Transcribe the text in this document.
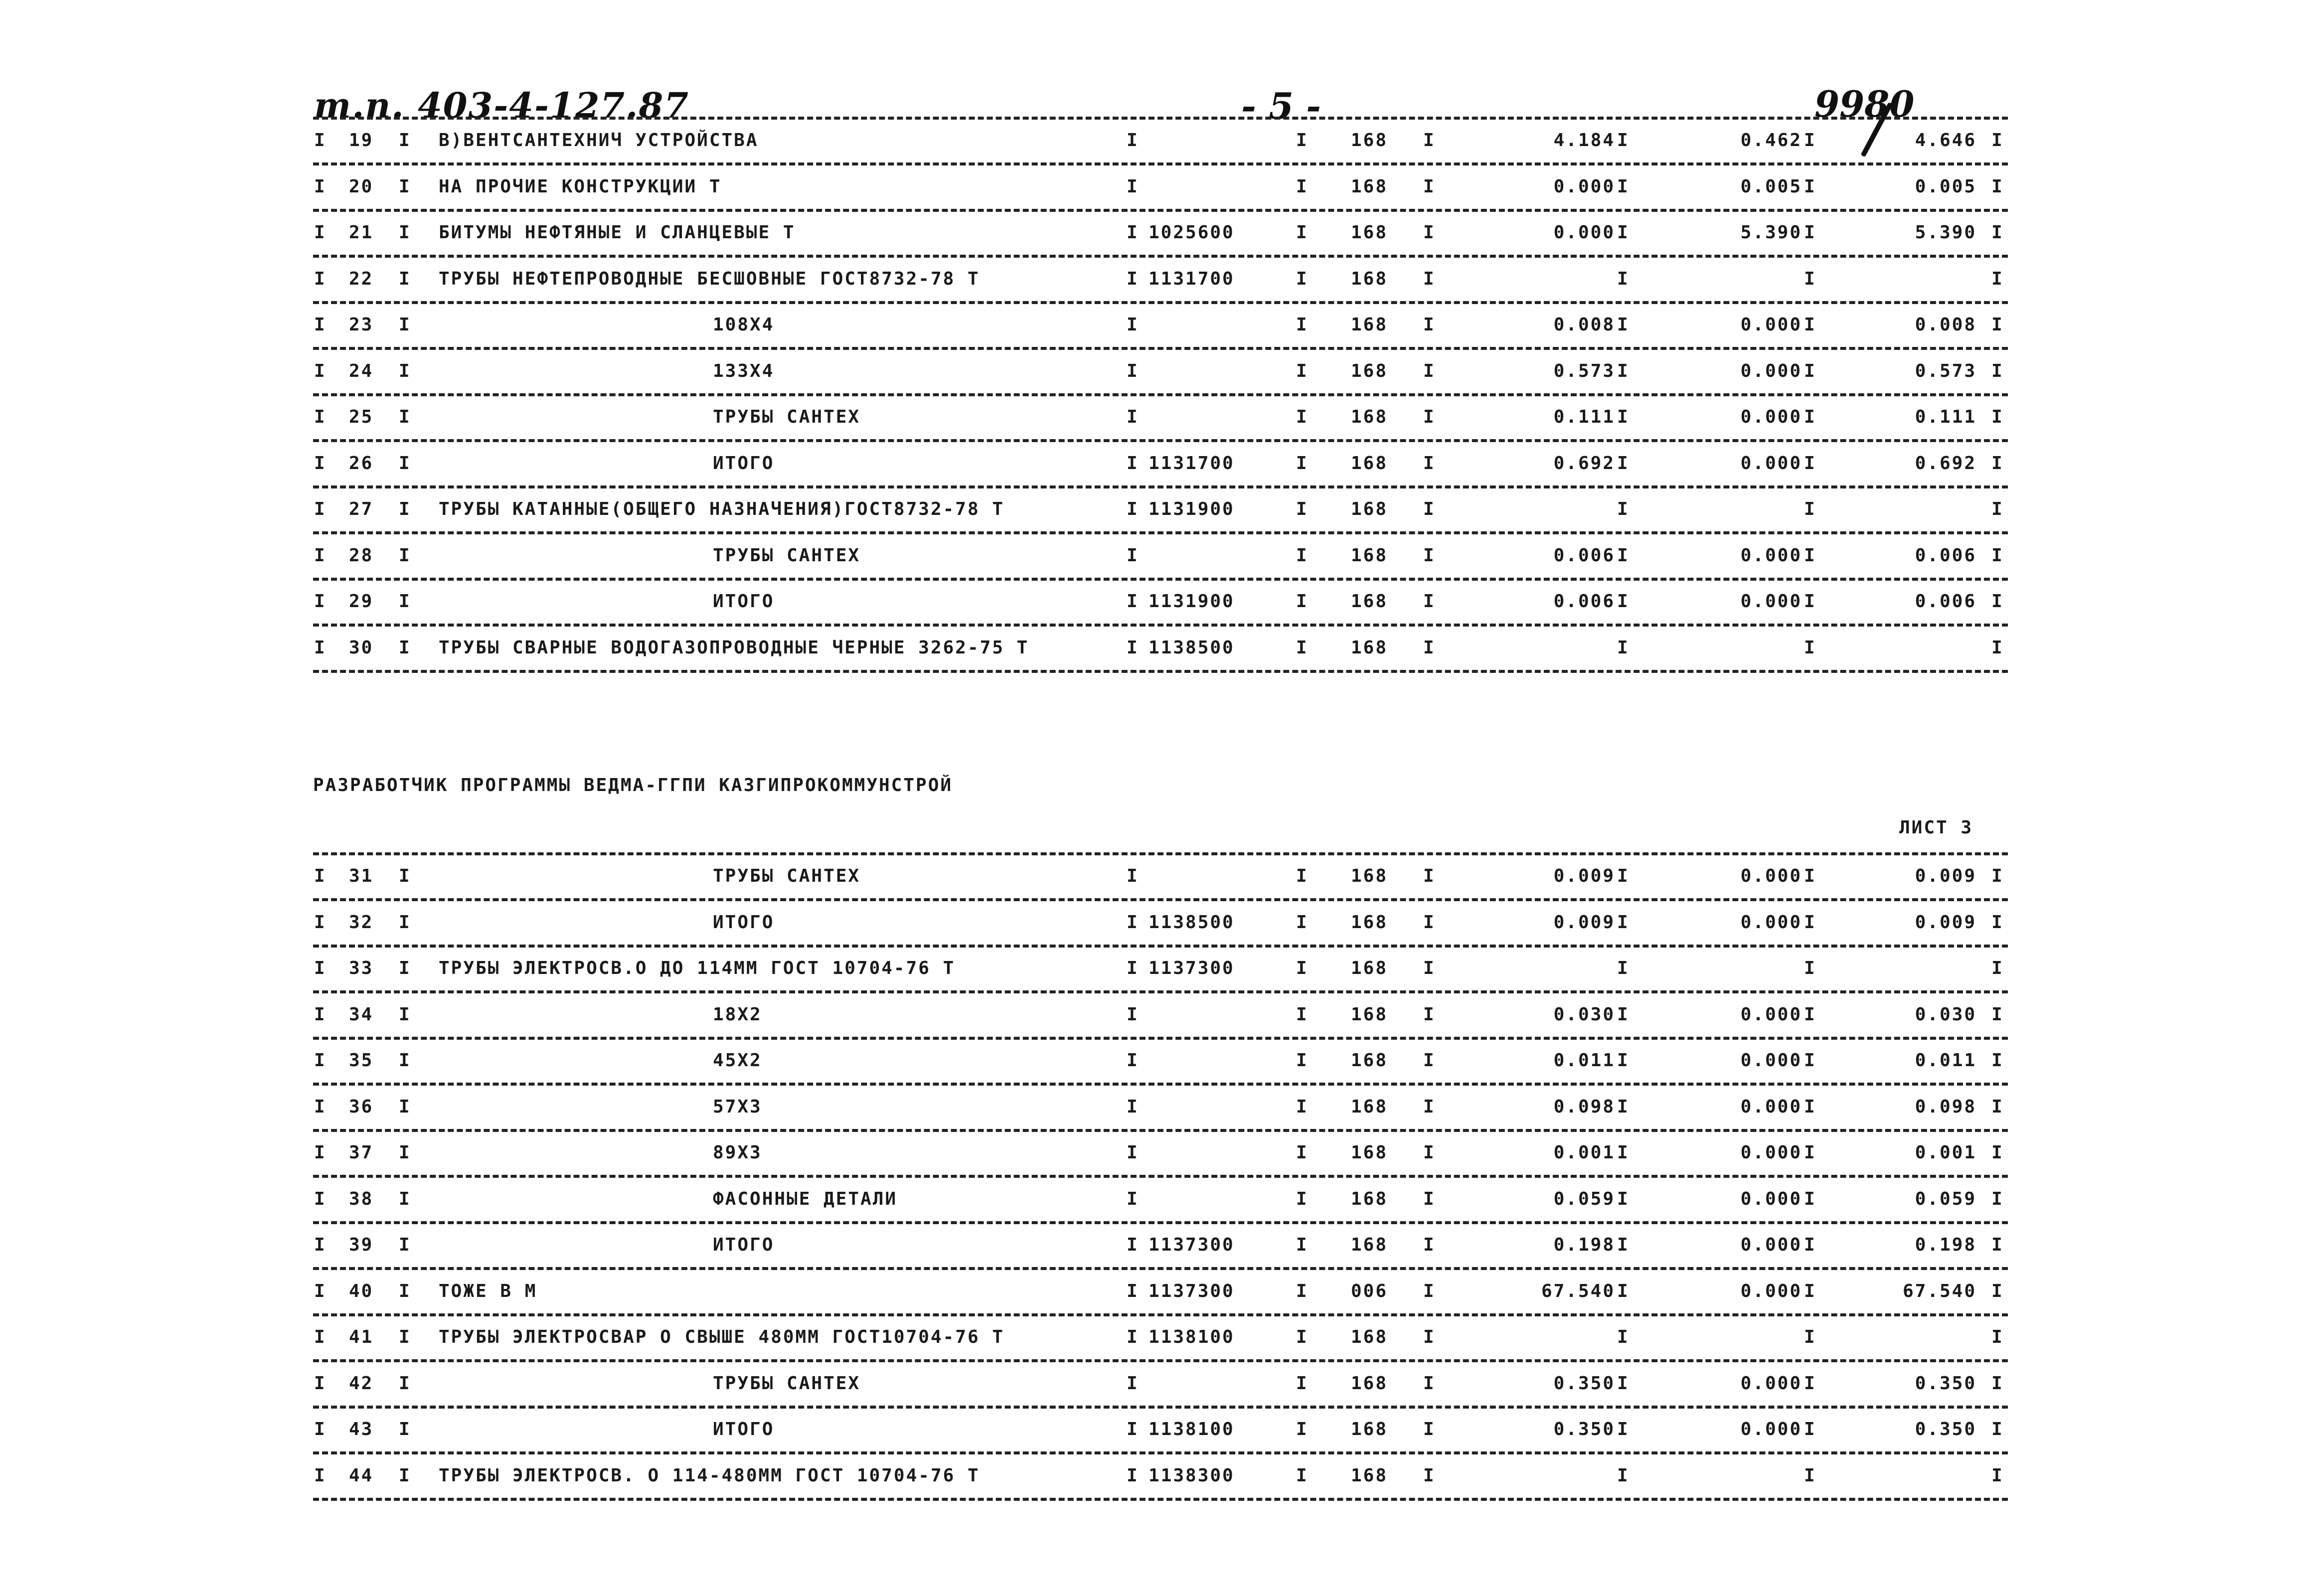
т.п. 403-4-127.87	- 5 -	9980
I 19 I В)ВЕНТСАНТЕХНИЧ УСТРОЙСТВА	I	I 168 I	4.184 I	0.462 I	4.646 I
I 20 I НА ПРОЧИЕ КОНСТРУКЦИИ Т	I	I 168 I	0.000 I	0.005 I	0.005 I
I 21 I БИТУМЫ НЕФТЯНЫЕ И СЛАНЦЕВЫЕ Т	I 1025600	I 168 I	0.000 I	5.390 I	5.390 I
I 22 I ТРУБЫ НЕФТЕПРОВОДНЫЕ БЕСШОВНЫЕ ГОСТ8732-78 Т	I 1131700	I 168 I	I	I	I
I 23 I	108Х4	I	I 168 I	0.008 I	0.000 I	0.008 I
I 24 I	133Х4	I	I 168 I	0.573 I	0.000 I	0.573 I
I 25 I	ТРУБЫ САНТЕХ	I	I 168 I	0.111 I	0.000 I	0.111 I
I 26 I	ИТОГО	I 1131700	I 168 I	0.692 I	0.000 I	0.692 I
I 27 I ТРУБЫ КАТАННЫЕ(ОБЩЕГО НАЗНАЧЕНИЯ)ГОСТ8732-78 Т	I 1131900	I 168 I	I	I	I
I 28 I	ТРУБЫ САНТЕХ	I	I 168 I	0.006 I	0.000 I	0.006 I
I 29 I	ИТОГО	I 1131900	I 168 I	0.006 I	0.000 I	0.006 I
I 30 I ТРУБЫ СВАРНЫЕ ВОДОГАЗОПРОВОДНЫЕ ЧЕРНЫЕ 3262-75 Т	I 1138500	I 168 I	I	I	I
РАЗРАБОТЧИК ПРОГРАММЫ ВЕДМА-ГГПИ КАЗГИПРОКОММУНСТРОЙ
ЛИСТ 3
I 31 I	ТРУБЫ САНТЕХ	I	I 168 I	0.009 I	0.000 I	0.009 I
I 32 I	ИТОГО	I 1138500	I 168 I	0.009 I	0.000 I	0.009 I
I 33 I ТРУБЫ ЭЛЕКТРОСВ.О ДО 114ММ ГОСТ 10704-76 Т	I 1137300	I 168 I	I	I	I
I 34 I	18Х2	I	I 168 I	0.030 I	0.000 I	0.030 I
I 35 I	45Х2	I	I 168 I	0.011 I	0.000 I	0.011 I
I 36 I	57Х3	I	I 168 I	0.098 I	0.000 I	0.098 I
I 37 I	89Х3	I	I 168 I	0.001 I	0.000 I	0.001 I
I 38 I	ФАСОННЫЕ ДЕТАЛИ	I	I 168 I	0.059 I	0.000 I	0.059 I
I 39 I	ИТОГО	I 1137300	I 168 I	0.198 I	0.000 I	0.198 I
I 40 I ТОЖЕ В М	I 1137300	I 006 I	67.540 I	0.000 I	67.540 I
I 41 I ТРУБЫ ЭЛЕКТРОСВАР О СВЫШЕ 480ММ ГОСТ10704-76 Т	I 1138100	I 168 I	I	I	I
I 42 I	ТРУБЫ САНТЕХ	I	I 168 I	0.350 I	0.000 I	0.350 I
I 43 I	ИТОГО	I 1138100	I 168 I	0.350 I	0.000 I	0.350 I
I 44 I ТРУБЫ ЭЛЕКТРОСВ. О 114-480ММ ГОСТ 10704-76 Т	I 1138300	I 168 I	I	I	I
